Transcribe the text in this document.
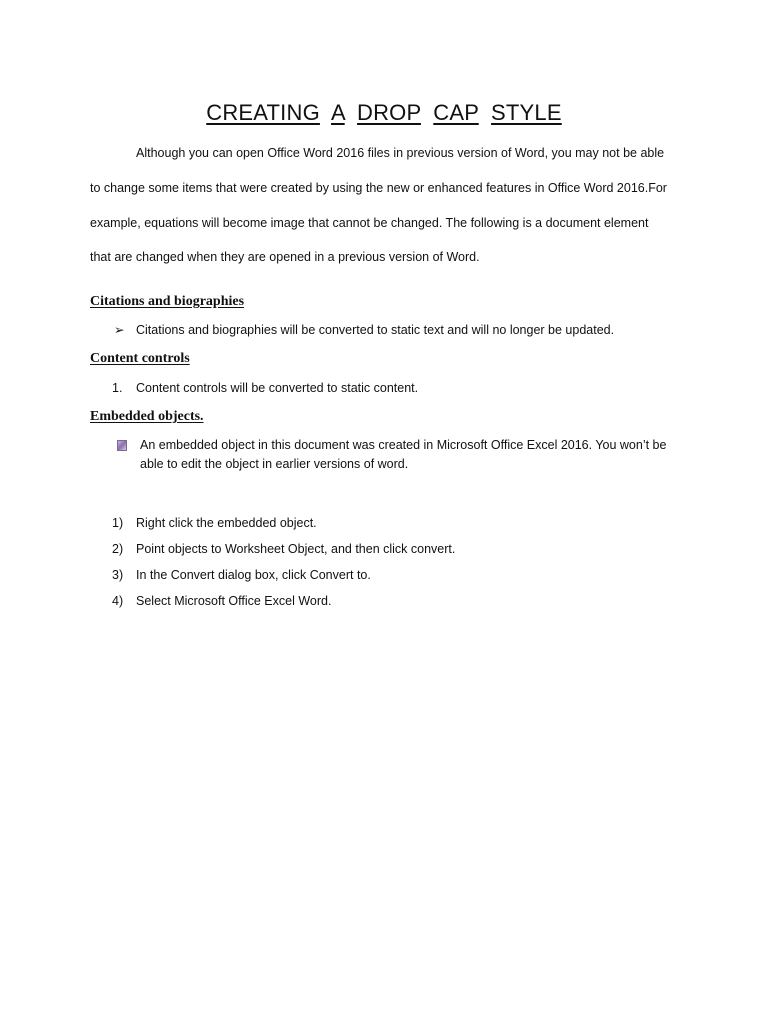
CREATING A DROP CAP STYLE
Although you can open Office Word 2016 files in previous version of Word, you may not be able
to change some items that were created by using the new or enhanced features in Office Word 2016.For
example, equations will become image that cannot be changed. The following is a document element
that are changed when they are opened in a previous version of Word.
Citations and biographies
➢ Citations and biographies will be converted to static text and will no longer be updated.
Content controls
1. Content controls will be converted to static content.
Embedded objects.
An embedded object in this document was created in Microsoft Office Excel 2016. You won’t be
able to edit the object in earlier versions of word.
1) Right click the embedded object.
2) Point objects to Worksheet Object, and then click convert.
3) In the Convert dialog box, click Convert to.
4) Select Microsoft Office Excel Word.
